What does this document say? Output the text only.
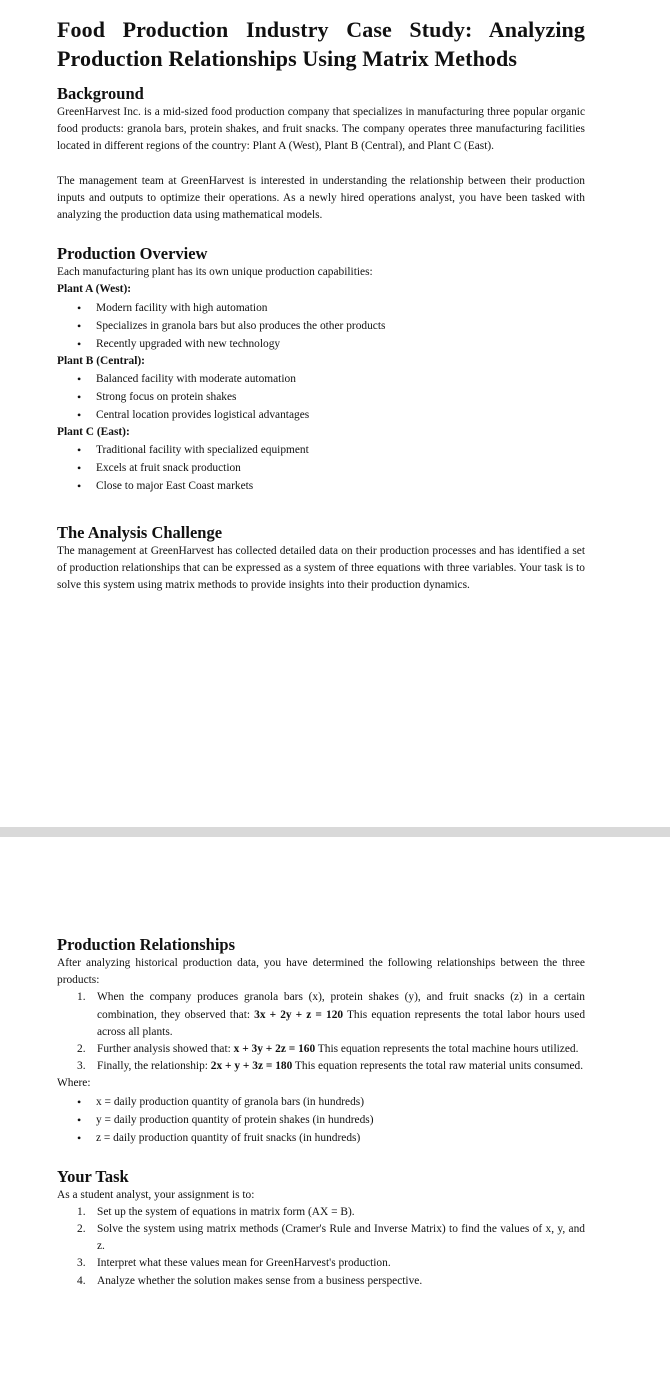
Food Production Industry Case Study: Analyzing Production Relationships Using Matrix Methods
Background

GreenHarvest Inc. is a mid-sized food production company that specializes in manufacturing three popular organic food products: granola bars, protein shakes, and fruit snacks. The company operates three manufacturing facilities located in different regions of the country: Plant A (West), Plant B (Central), and Plant C (East).

The management team at GreenHarvest is interested in understanding the relationship between their production inputs and outputs to optimize their operations. As a newly hired operations analyst, you have been tasked with analyzing the production data using mathematical models.

Production Overview

Each manufacturing plant has its own unique production capabilities:

Plant A (West):
• Modern facility with high automation
• Specializes in granola bars but also produces the other products
• Recently upgraded with new technology
Plant B (Central):
• Balanced facility with moderate automation
• Strong focus on protein shakes
• Central location provides logistical advantages
Plant C (East):
• Traditional facility with specialized equipment
• Excels at fruit snack production
• Close to major East Coast markets
The Analysis Challenge

The management at GreenHarvest has collected detailed data on their production processes and has identified a set of production relationships that can be expressed as a system of three equations with three variables. Your task is to solve this system using matrix methods to provide insights into their production dynamics.

Production Relationships

After analyzing historical production data, you have determined the following relationships between the three products:

1. When the company produces granola bars (x), protein shakes (y), and fruit snacks (z) in a certain combination, they observed that: 3x + 2y + z = 120 This equation represents the total labor hours used across all plants.
2. Further analysis showed that: x + 3y + 2z = 160 This equation represents the total machine hours utilized.
3. Finally, the relationship: 2x + y + 3z = 180 This equation represents the total raw material units consumed.

Where:

• x = daily production quantity of granola bars (in hundreds)
• y = daily production quantity of protein shakes (in hundreds)
• z = daily production quantity of fruit snacks (in hundreds)
Your Task

As a student analyst, your assignment is to:

1. Set up the system of equations in matrix form (AX = B).
2. Solve the system using matrix methods (Cramer's Rule and Inverse Matrix) to find the values of x, y, and z.
3. Interpret what these values mean for GreenHarvest's production.
4. Analyze whether the solution makes sense from a business perspective.
